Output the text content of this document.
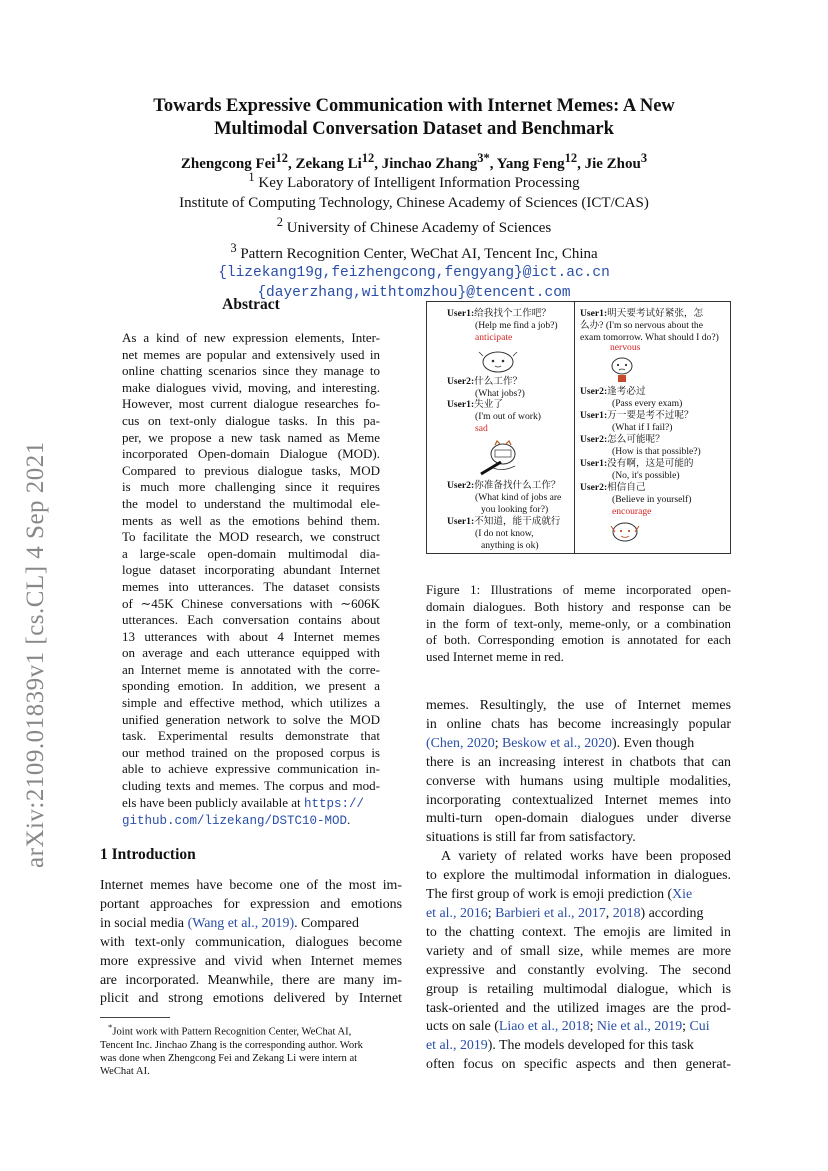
arXiv:2109.01839v1 [cs.CL] 4 Sep 2021
Towards Expressive Communication with Internet Memes: A New
Multimodal Conversation Dataset and Benchmark
Zhengcong Fei$^{12}$, Zekang Li$^{12}$, Jinchao Zhang$^{3*}$, Yang Feng$^{12}$, Jie Zhou$^3$
$^1$ Key Laboratory of Intelligent Information Processing
Institute of Computing Technology, Chinese Academy of Sciences (ICT/CAS)
$^2$ University of Chinese Academy of Sciences
$^3$ Pattern Recognition Center, WeChat AI, Tencent Inc, China
{lizekang19g,feizhengcong,fengyang}@ict.ac.cn
{dayerzhang,withtomzhou}@tencent.com
Abstract
As a kind of new expression elements, Inter-
net memes are popular and extensively used in
online chatting scenarios since they manage to
make dialogues vivid, moving, and interesting.
However, most current dialogue researches fo-
cus on text-only dialogue tasks. In this pa-
per, we propose a new task named as Meme
incorporated Open-domain Dialogue (MOD).
Compared to previous dialogue tasks, MOD
is much more challenging since it requires
the model to understand the multimodal ele-
ments as well as the emotions behind them.
To facilitate the MOD research, we construct
a large-scale open-domain multimodal dia-
logue dataset incorporating abundant Internet
memes into utterances. The dataset consists
of ∼45K Chinese conversations with ∼606K
utterances. Each conversation contains about
13 utterances with about 4 Internet memes
on average and each utterance equipped with
an Internet meme is annotated with the corre-
sponding emotion. In addition, we present a
simple and effective method, which utilizes a
unified generation network to solve the MOD
task. Experimental results demonstrate that
our method trained on the proposed corpus is
able to achieve expressive communication in-
cluding texts and memes. The corpus and mod-
els have been publicly available at https://
github.com/lizekang/DSTC10-MOD.
1 Introduction
Internet memes have become one of the most im-
portant approaches for expression and emotions
in social media (Wang et al., 2019). Compared
with text-only communication, dialogues become
more expressive and vivid when Internet memes
are incorporated. Meanwhile, there are many im-
plicit and strong emotions delivered by Internet
*Joint work with Pattern Recognition Center, WeChat AI,
Tencent Inc. Jinchao Zhang is the corresponding author. Work
was done when Zhengcong Fei and Zekang Li were intern at
WeChat AI.
User1:给我找个工作吧？
(Help me find a job?)
anticipate
User2:什么工作？
(What jobs?)
User1:失业了
(I'm out of work)
sad
User2:你准备找什么工作？
(What kind of jobs are
you looking for?)
User1:不知道，能干成就行
(I do not know,
anything is ok)
User1:明天要考试好紧张，怎
么办? (I'm so nervous about the
exam tomorrow. What should I do?)
nervous
User2:逢考必过
(Pass every exam)
User1:万一要是考不过呢？
(What if I fail?)
User2:怎么可能呢？
(How is that possible?)
User1:没有啊，这是可能的
(No, it's possible)
User2:相信自己
(Believe in yourself)
encourage
Figure 1: Illustrations of meme incorporated open-
domain dialogues. Both history and response can be
in the form of text-only, meme-only, or a combination
of both. Corresponding emotion is annotated for each
used Internet meme in red.
memes. Resultingly, the use of Internet memes
in online chats has become increasingly popular
(Chen, 2020; Beskow et al., 2020). Even though
there is an increasing interest in chatbots that can
converse with humans using multiple modalities,
incorporating contextualized Internet memes into
multi-turn open-domain dialogues under diverse
situations is still far from satisfactory.
A variety of related works have been proposed
to explore the multimodal information in dialogues.
The first group of work is emoji prediction (Xie
et al., 2016; Barbieri et al., 2017, 2018) according
to the chatting context. The emojis are limited in
variety and of small size, while memes are more
expressive and constantly evolving. The second
group is retailing multimodal dialogue, which is
task-oriented and the utilized images are the prod-
ucts on sale (Liao et al., 2018; Nie et al., 2019; Cui
et al., 2019). The models developed for this task
often focus on specific aspects and then generat-
